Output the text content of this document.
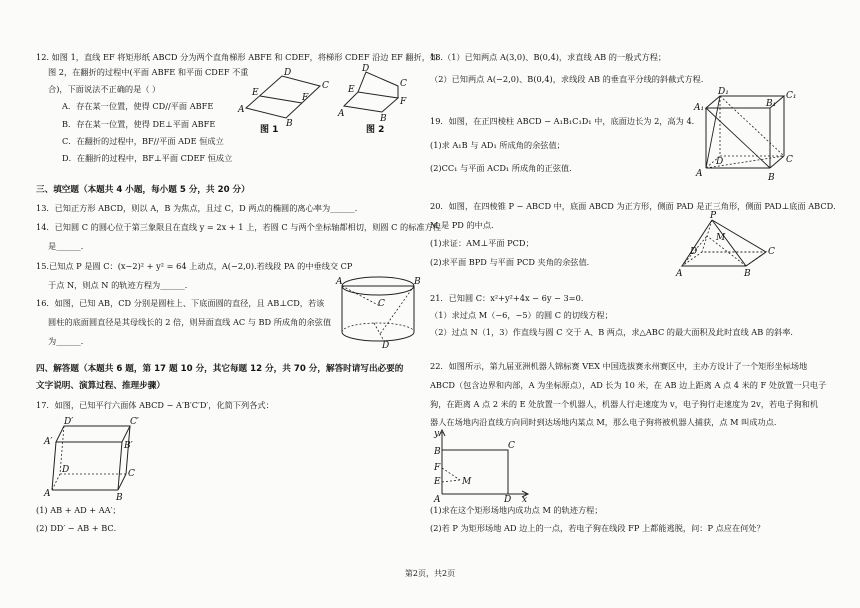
12. 如图 1，直线 EF 将矩形纸 ABCD 分为两个直角梯形 ABFE 和 CDEF，将梯形 CDEF 沿边 EF 翻折，如
图 2，在翻折的过程中(平面 ABFE 和平面 CDEF 不重
合)，下面说法不正确的是（ ）
A．存在某一位置，使得 CD//平面 ABFE
B．存在某一位置，使得 DE⊥平面 ABFE
C．在翻折的过程中，BF//平面 ADE 恒成立
D．在翻折的过程中，BF⊥平面 CDEF 恒成立
三、填空题（本题共 4 小题，每小题 5 分，共 20 分）
13．已知正方形 ABCD，则以 A，B 为焦点，且过 C，D 两点的椭圆的离心率为______．
14．已知圆 C 的圆心位于第三象限且在直线 y = 2x + 1 上，若圆 C 与两个坐标轴都相切，则圆 C 的标准方程
是______．
15.已知点 P 是圆 C：(x−2)² + y² = 64 上动点，A(−2,0).若线段 PA 的中垂线交 CP
于点 N，则点 N 的轨迹方程为______．
16．如图，已知 AB，CD 分别是圆柱上、下底面圆的直径，且 AB⊥CD，若该
圆柱的底面圆直径是其母线长的 2 倍，则异面直线 AC 与 BD 所成角的余弦值
为______．
四、解答题（本题共 6 题，第 17 题 10 分，其它每题 12 分，共 70 分，解答时请写出必要的
文字说明、演算过程、推理步骤）
17．如图，已知平行六面体 ABCD − A′B′C′D′，化简下列各式：
(1) AB + AD + AA′；
(2) DD′ − AB + BC．
18.（1）已知两点 A(3,0)、B(0,4)，求直线 AB 的一般式方程；
（2）已知两点 A(−2,0)、B(0,4)，求线段 AB 的垂直平分线的斜截式方程．
19．如图，在正四棱柱 ABCD − A₁B₁C₁D₁ 中，底面边长为 2，高为 4．
(1)求 A₁B 与 AD₁ 所成角的余弦值；
(2)CC₁ 与平面 ACD₁ 所成角的正弦值．
20．如图，在四棱锥 P − ABCD 中，底面 ABCD 为正方形，侧面 PAD 是正三角形，侧面 PAD⊥底面 ABCD．
M 是 PD 的中点．
(1)求证：AM⊥平面 PCD；
(2)求平面 BPD 与平面 PCD 夹角的余弦值．
21．已知圆 C：x²+y²+4x − 6y − 3=0.
（1）求过点 M（−6，−5）的圆 C 的切线方程；
（2）过点 N（1，3）作直线与圆 C 交于 A、B 两点，求△ABC 的最大面积及此时直线 AB 的斜率．
22．如图所示，第九届亚洲机器人锦标赛 VEX 中国选拔赛永州赛区中，主办方设计了一个矩形坐标场地
ABCD（包含边界和内部，A 为坐标原点），AD 长为 10 米，在 AB 边上距离 A 点 4 米的 F 处放置一只电子
狗，在距离 A 点 2 米的 E 处放置一个机器人，机器人行走速度为 v，电子狗行走速度为 2v，若电子狗和机
器人在场地内沿直线方向同时到达场地内某点 M，那么电子狗将被机器人捕获，点 M 叫成功点．
(1)求在这个矩形场地内成功点 M 的轨迹方程；
(2)若 P 为矩形场地 AD 边上的一点，若电子狗在线段 FP 上都能逃脱，问：P 点应在何处？
第2页，共2页
D
C
E	F
A
B
图 1
D
C
E
F
A	B
图 2
A	B
C
D
D′	C′
A′	B′
D	C
A	B
D₁	C₁
A₁	B₁
D	C
A	B
P
M
D	C
A	B
y
B
C
F
E M
A	D x
